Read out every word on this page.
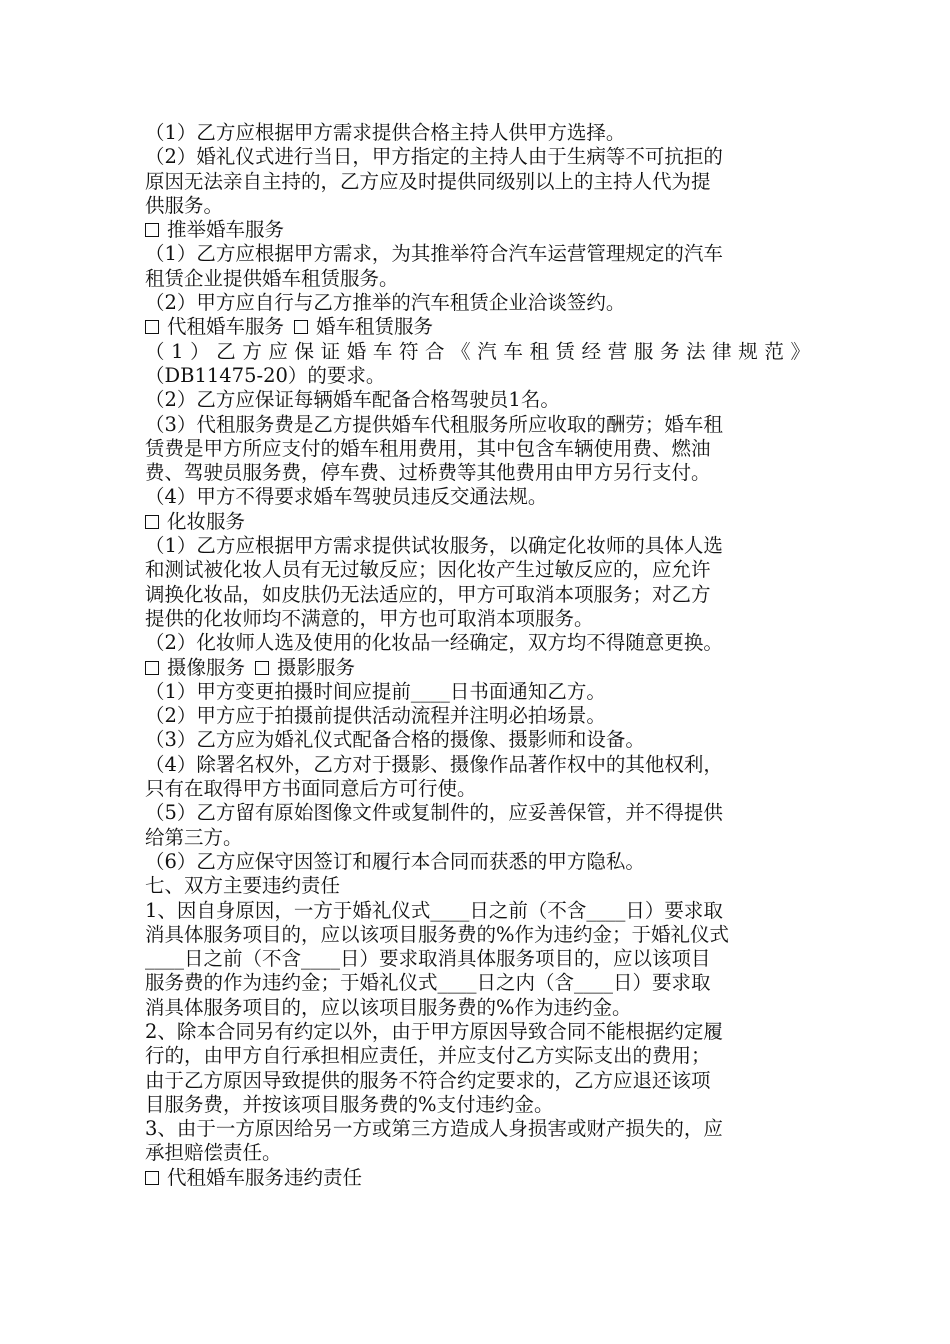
（1）乙方应根据甲方需求提供合格主持人供甲方选择。
（2）婚礼仪式进行当日，甲方指定的主持人由于生病等不可抗拒的
原因无法亲自主持的，乙方应及时提供同级别以上的主持人代为提
供服务。
推举婚车服务
（1）乙方应根据甲方需求，为其推举符合汽车运营管理规定的汽车
租赁企业提供婚车租赁服务。
（2）甲方应自行与乙方推举的汽车租赁企业洽谈签约。
代租婚车服务 婚车租赁服务
（1）乙方应保证婚车符合《汽车租赁经营服务法律规范》
（DB11475-20）的要求。
（2）乙方应保证每辆婚车配备合格驾驶员1名。
（3）代租服务费是乙方提供婚车代租服务所应收取的酬劳；婚车租
赁费是甲方所应支付的婚车租用费用，其中包含车辆使用费、燃油
费、驾驶员服务费，停车费、过桥费等其他费用由甲方另行支付。
（4）甲方不得要求婚车驾驶员违反交通法规。
化妆服务
（1）乙方应根据甲方需求提供试妆服务，以确定化妆师的具体人选
和测试被化妆人员有无过敏反应；因化妆产生过敏反应的，应允许
调换化妆品，如皮肤仍无法适应的，甲方可取消本项服务；对乙方
提供的化妆师均不满意的，甲方也可取消本项服务。
（2）化妆师人选及使用的化妆品一经确定，双方均不得随意更换。
摄像服务 摄影服务
（1）甲方变更拍摄时间应提前____日书面通知乙方。
（2）甲方应于拍摄前提供活动流程并注明必拍场景。
（3）乙方应为婚礼仪式配备合格的摄像、摄影师和设备。
（4）除署名权外，乙方对于摄影、摄像作品著作权中的其他权利，
只有在取得甲方书面同意后方可行使。
（5）乙方留有原始图像文件或复制件的，应妥善保管，并不得提供
给第三方。
（6）乙方应保守因签订和履行本合同而获悉的甲方隐私。
七、双方主要违约责任
1、因自身原因，一方于婚礼仪式____日之前（不含____日）要求取
消具体服务项目的，应以该项目服务费的%作为违约金；于婚礼仪式
____日之前（不含____日）要求取消具体服务项目的，应以该项目
服务费的作为违约金；于婚礼仪式____日之内（含____日）要求取
消具体服务项目的，应以该项目服务费的%作为违约金。
2、除本合同另有约定以外，由于甲方原因导致合同不能根据约定履
行的，由甲方自行承担相应责任，并应支付乙方实际支出的费用；
由于乙方原因导致提供的服务不符合约定要求的，乙方应退还该项
目服务费，并按该项目服务费的%支付违约金。
3、由于一方原因给另一方或第三方造成人身损害或财产损失的，应
承担赔偿责任。
代租婚车服务违约责任
